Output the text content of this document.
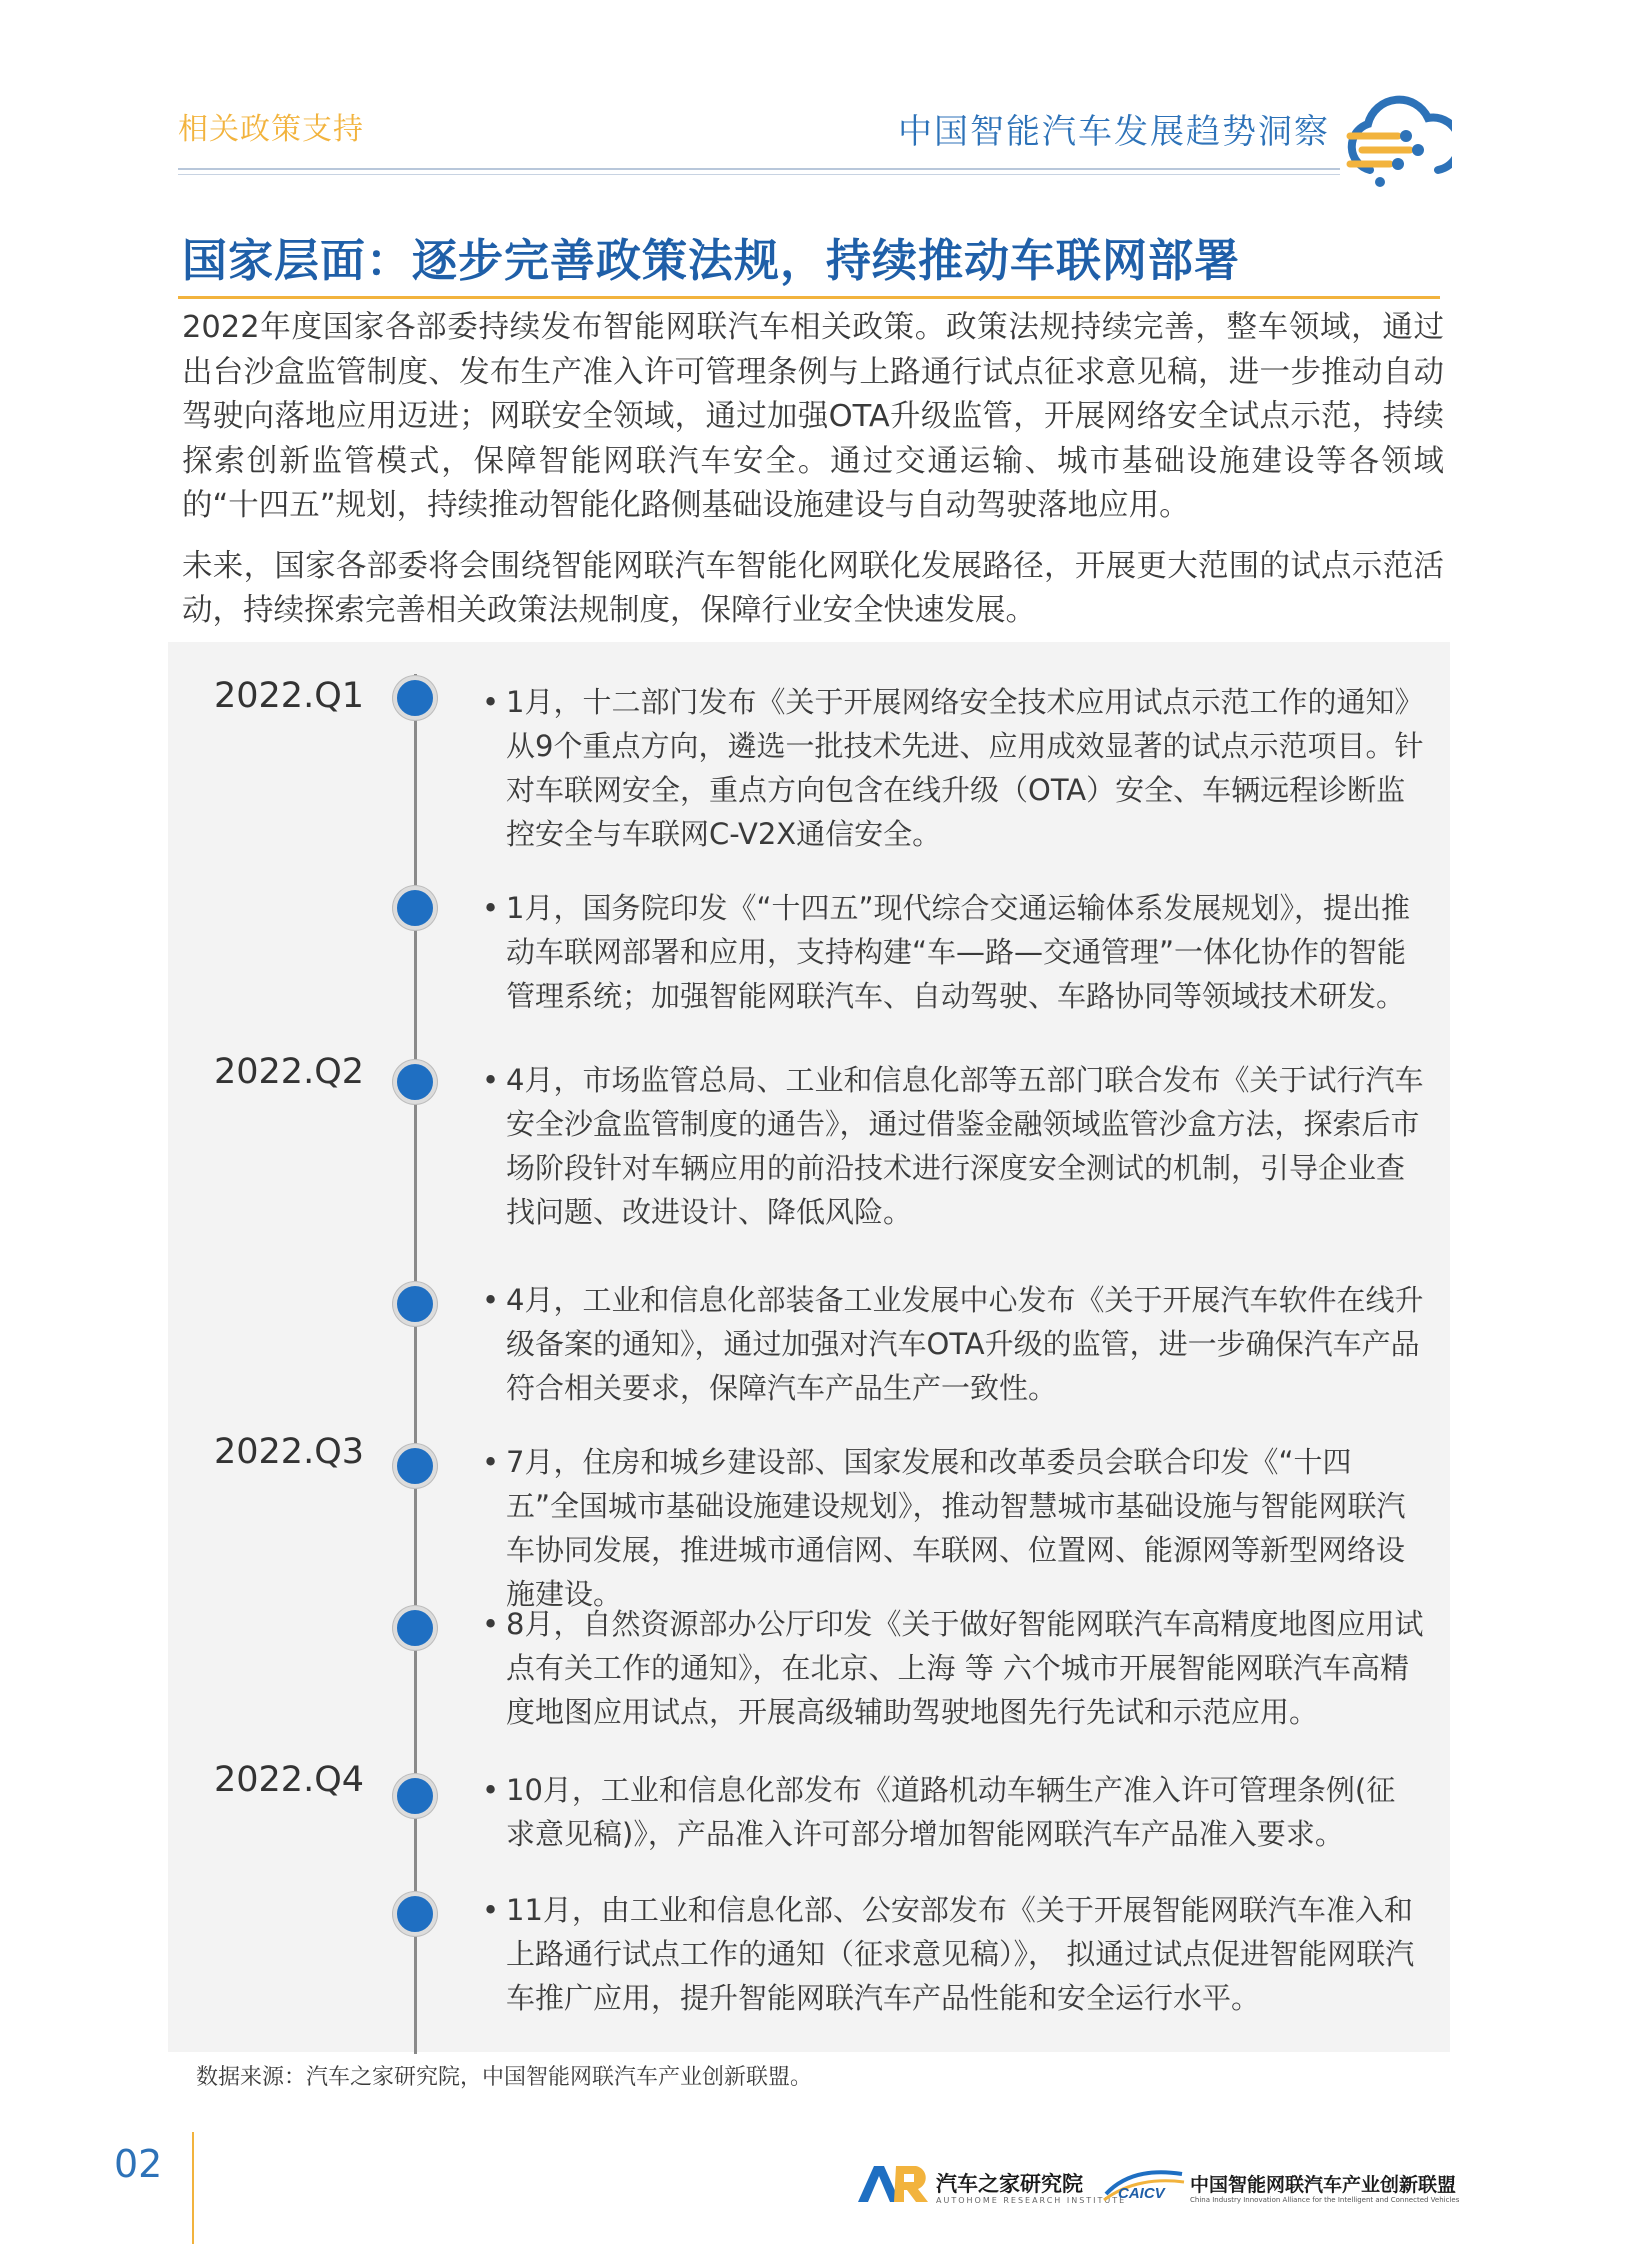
相关政策支持	中国智能汽车发展趋势洞察
国家层面：逐步完善政策法规，持续推动车联网部署

2022年度国家各部委持续发布智能网联汽车相关政策。政策法规持续完善，整车领域，通过出台沙盒监管制度、发布生产准入许可管理条例与上路通行试点征求意见稿，进一步推动自动驾驶向落地应用迈进；网联安全领域，通过加强OTA升级监管，开展网络安全试点示范，持续探索创新监管模式，保障智能网联汽车安全。通过交通运输、城市基础设施建设等各领域的“十四五”规划，持续推动智能化路侧基础设施建设与自动驾驶落地应用。

未来，国家各部委将会围绕智能网联汽车智能化网联化发展路径，开展更大范围的试点示范活动，持续探索完善相关政策法规制度，保障行业安全快速发展。

2022.Q1
2022.Q2
2022.Q3
2022.Q4
• 1月，十二部门发布《关于开展网络安全技术应用试点示范工作的通知》从9个重点方向，遴选一批技术先进、应用成效显著的试点示范项目。针对车联网安全，重点方向包含在线升级（OTA）安全、车辆远程诊断监控安全与车联网C-V2X通信安全。
• 1月，国务院印发《“十四五”现代综合交通运输体系发展规划》，提出推动车联网部署和应用，支持构建“车—路—交通管理”一体化协作的智能管理系统；加强智能网联汽车、自动驾驶、车路协同等领域技术研发。
• 4月，市场监管总局、工业和信息化部等五部门联合发布《关于试行汽车安全沙盒监管制度的通告》，通过借鉴金融领域监管沙盒方法，探索后市场阶段针对车辆应用的前沿技术进行深度安全测试的机制，引导企业查找问题、改进设计、降低风险。
• 4月，工业和信息化部装备工业发展中心发布《关于开展汽车软件在线升级备案的通知》，通过加强对汽车OTA升级的监管，进一步确保汽车产品符合相关要求，保障汽车产品生产一致性。
• 7月，住房和城乡建设部、国家发展和改革委员会联合印发《“十四五”全国城市基础设施建设规划》，推动智慧城市基础设施与智能网联汽车协同发展，推进城市通信网、车联网、位置网、能源网等新型网络设施建设。
• 8月，自然资源部办公厅印发《关于做好智能网联汽车高精度地图应用试点有关工作的通知》，在北京、上海 等 六个城市开展智能网联汽车高精度地图应用试点，开展高级辅助驾驶地图先行先试和示范应用。
• 10月，工业和信息化部发布《道路机动车辆生产准入许可管理条例(征求意见稿)》，产品准入许可部分增加智能网联汽车产品准入要求。
• 11月，由工业和信息化部、公安部发布《关于开展智能网联汽车准入和上路通行试点工作的通知（征求意见稿）》， 拟通过试点促进智能网联汽车推广应用，提升智能网联汽车产品性能和安全运行水平。
数据来源：汽车之家研究院，中国智能网联汽车产业创新联盟。
02	汽车之家研究院
AUTOHOME RESEARCH INSTITUTE
CAICV 中国智能网联汽车产业创新联盟
China Industry Innovation Alliance for the Intelligent and Connected Vehicles
